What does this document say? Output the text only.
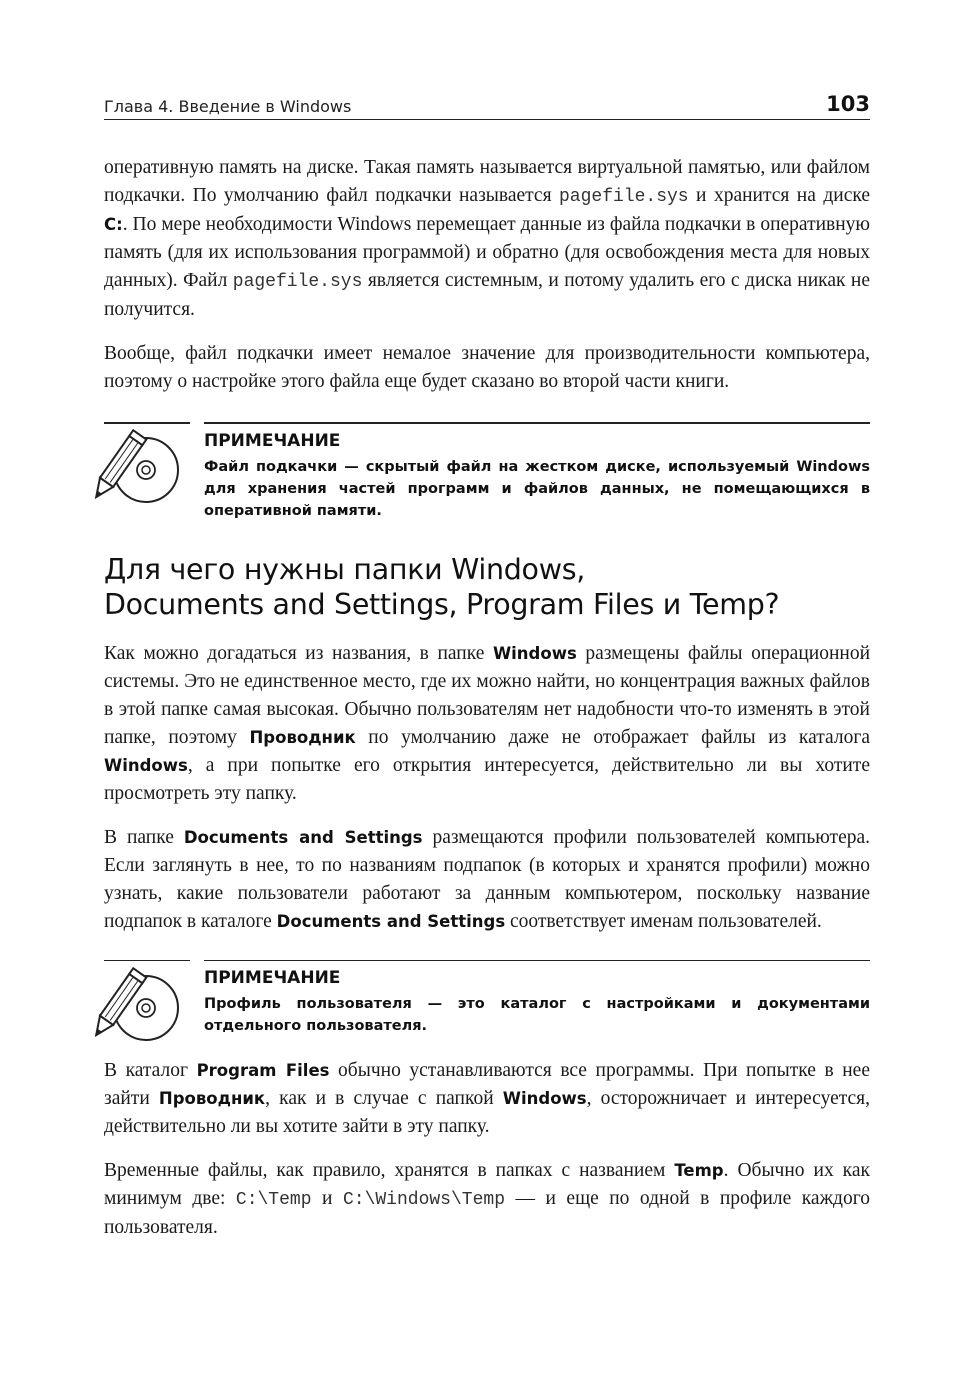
Глава 4. Введение в Windows	103

оперативную память на диске. Такая память называется виртуальной памятью, или файлом подкачки. По умолчанию файл подкачки называется pagefile.sys и хранится на диске C:. По мере необходимости Windows перемещает данные из файла подкачки в оперативную память (для их использования программой) и обратно (для освобождения места для новых данных). Файл pagefile.sys является системным, и потому удалить его с диска никак не получится.

Вообще, файл подкачки имеет немалое значение для производительности компьютера, поэтому о настройке этого файла еще будет сказано во второй части книги.

ПРИМЕЧАНИЕ

Файл подкачки — скрытый файл на жестком диске, используемый Windows для хранения частей программ и файлов данных, не помещающихся в оперативной памяти.

Для чего нужны папки Windows,
Documents and Settings, Program Files и Temp?

Как можно догадаться из названия, в папке Windows размещены файлы операционной системы. Это не единственное место, где их можно найти, но концентрация важных файлов в этой папке самая высокая. Обычно пользователям нет надобности что-то изменять в этой папке, поэтому Проводник по умолчанию даже не отображает файлы из каталога Windows, а при попытке его открытия интересуется, действительно ли вы хотите просмотреть эту папку.

В папке Documents and Settings размещаются профили пользователей компьютера. Если заглянуть в нее, то по названиям подпапок (в которых и хранятся профили) можно узнать, какие пользователи работают за данным компьютером, поскольку название подпапок в каталоге Documents and Settings соответствует именам пользователей.

ПРИМЕЧАНИЕ

Профиль пользователя — это каталог с настройками и документами отдельного пользователя.

В каталог Program Files обычно устанавливаются все программы. При попытке в нее зайти Проводник, как и в случае с папкой Windows, осторожничает и интересуется, действительно ли вы хотите зайти в эту папку.

Временные файлы, как правило, хранятся в папках с названием Temp. Обычно их как минимум две: C:\Temp и C:\Windows\Temp — и еще по одной в профиле каждого пользователя.
